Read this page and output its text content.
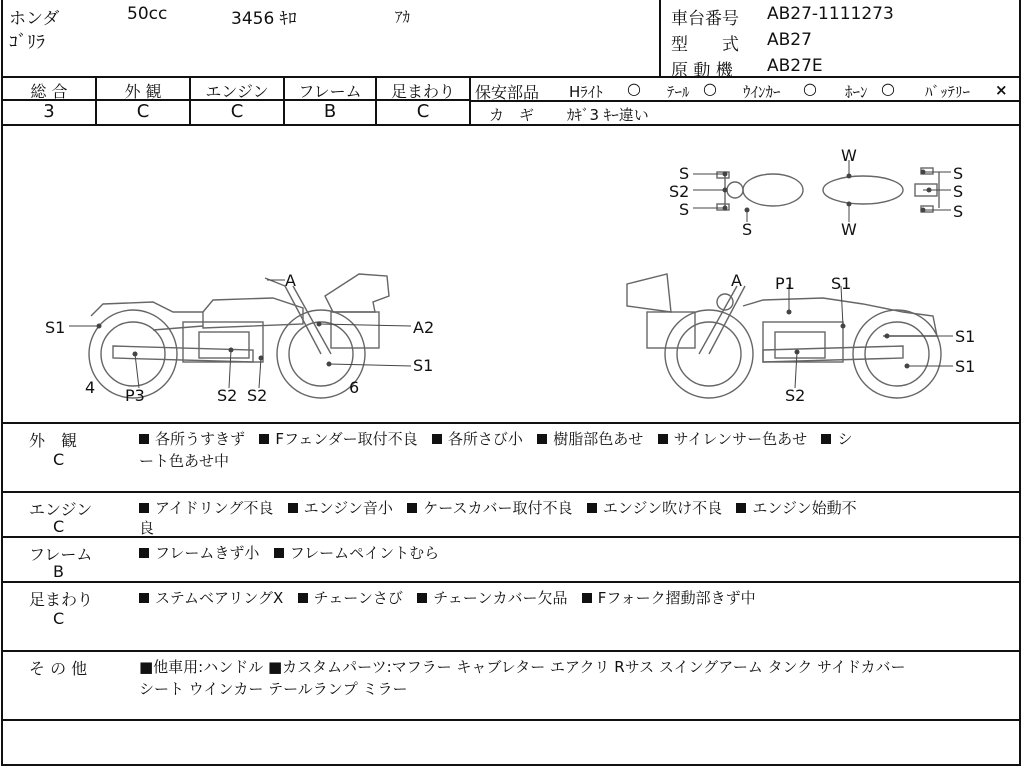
ホンダ	50cc	3456 ｷﾛ	ｱｶ
ｺﾞﾘﾗ
車台番号 AB27-1111273
型　　式 AB27
原 動 機 AB27E
総 合	外 観	エンジン	フレーム	足まわり
3	C	C	B	C
保安部品 Hﾗｲﾄ ○ ﾃｰﾙ ○ ｳｲﾝｶｰ ○ ﾎｰﾝ ○ ﾊﾞｯﾃﾘｰ ×
カ　ギ ｶｷﾞ3 ｷｰ違い
S
S2
S
S
W
W
S
S
S
A
S1	A2
S1
4 P3	S2 S2	6
A P1 S1
S1
S1
S2
外　観
C
各所うすきず Fフェンダー取付不良 各所さび小 樹脂部色あせ サイレンサー色あせ シ
ート色あせ中
エンジン
C
アイドリング不良 エンジン音小 ケースカバー取付不良 エンジン吹け不良 エンジン始動不
良
フレーム
B
フレームきず小 フレームペイントむら
足まわり
C
ステムベアリングX チェーンさび チェーンカバー欠品 Fフォーク摺動部きず中
そ の 他	■他車用:ハンドル ■カスタムパーツ:マフラー キャブレター エアクリ Rサス スイングアーム タンク サイドカバー
シート ウインカー テールランプ ミラー
